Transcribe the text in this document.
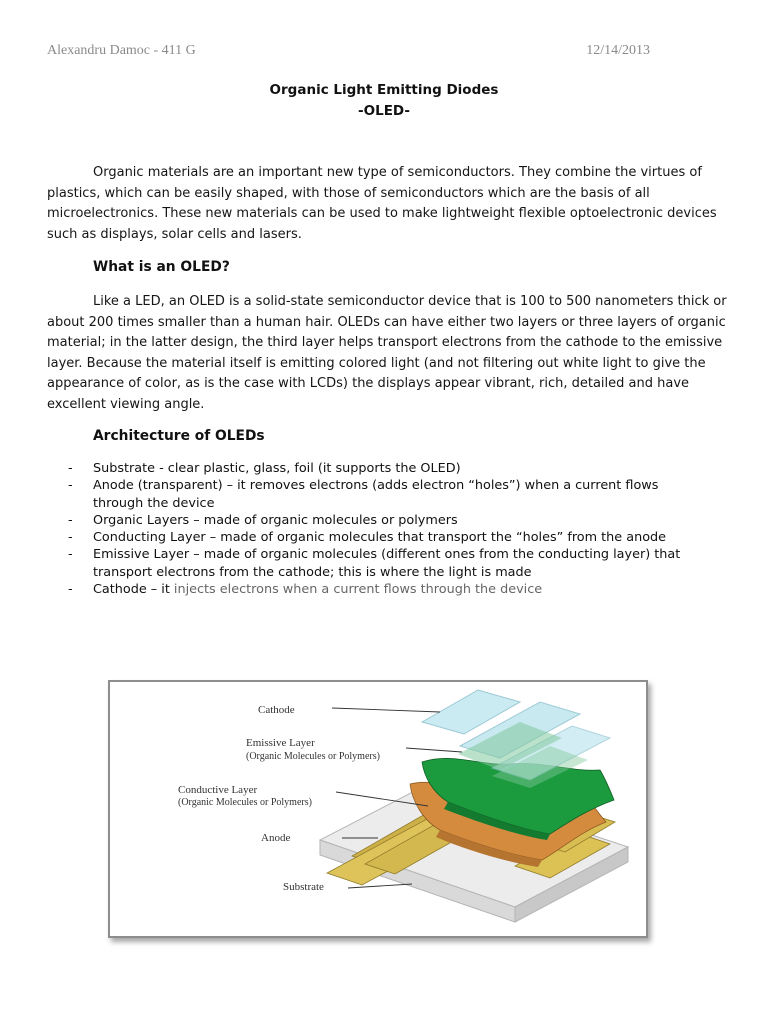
Alexandru Damoc - 411 G	12/14/2013
Organic Light Emitting Diodes
-OLED-

Organic materials are an important new type of semiconductors. They combine the virtues of plastics, which can be easily shaped, with those of semiconductors which are the basis of all microelectronics. These new materials can be used to make lightweight flexible optoelectronic devices such as displays, solar cells and lasers.

What is an OLED?

Like a LED, an OLED is a solid-state semiconductor device that is 100 to 500 nanometers thick or about 200 times smaller than a human hair. OLEDs can have either two layers or three layers of organic material; in the latter design, the third layer helps transport electrons from the cathode to the emissive layer. Because the material itself is emitting colored light (and not filtering out white light to give the appearance of color, as is the case with LCDs) the displays appear vibrant, rich, detailed and have excellent viewing angle.

Architecture of OLEDs
- Substrate - clear plastic, glass, foil (it supports the OLED)
- Anode (transparent) – it removes electrons (adds electron “holes”) when a current flows through the device
- Organic Layers – made of organic molecules or polymers
- Conducting Layer – made of organic molecules that transport the “holes” from the anode
- Emissive Layer – made of organic molecules (different ones from the conducting layer) that transport electrons from the cathode; this is where the light is made
- Cathode – it injects electrons when a current flows through the device
Cathode
Emissive Layer
(Organic Molecules or Polymers)
Conductive Layer
(Organic Molecules or Polymers)
Anode
Substrate
